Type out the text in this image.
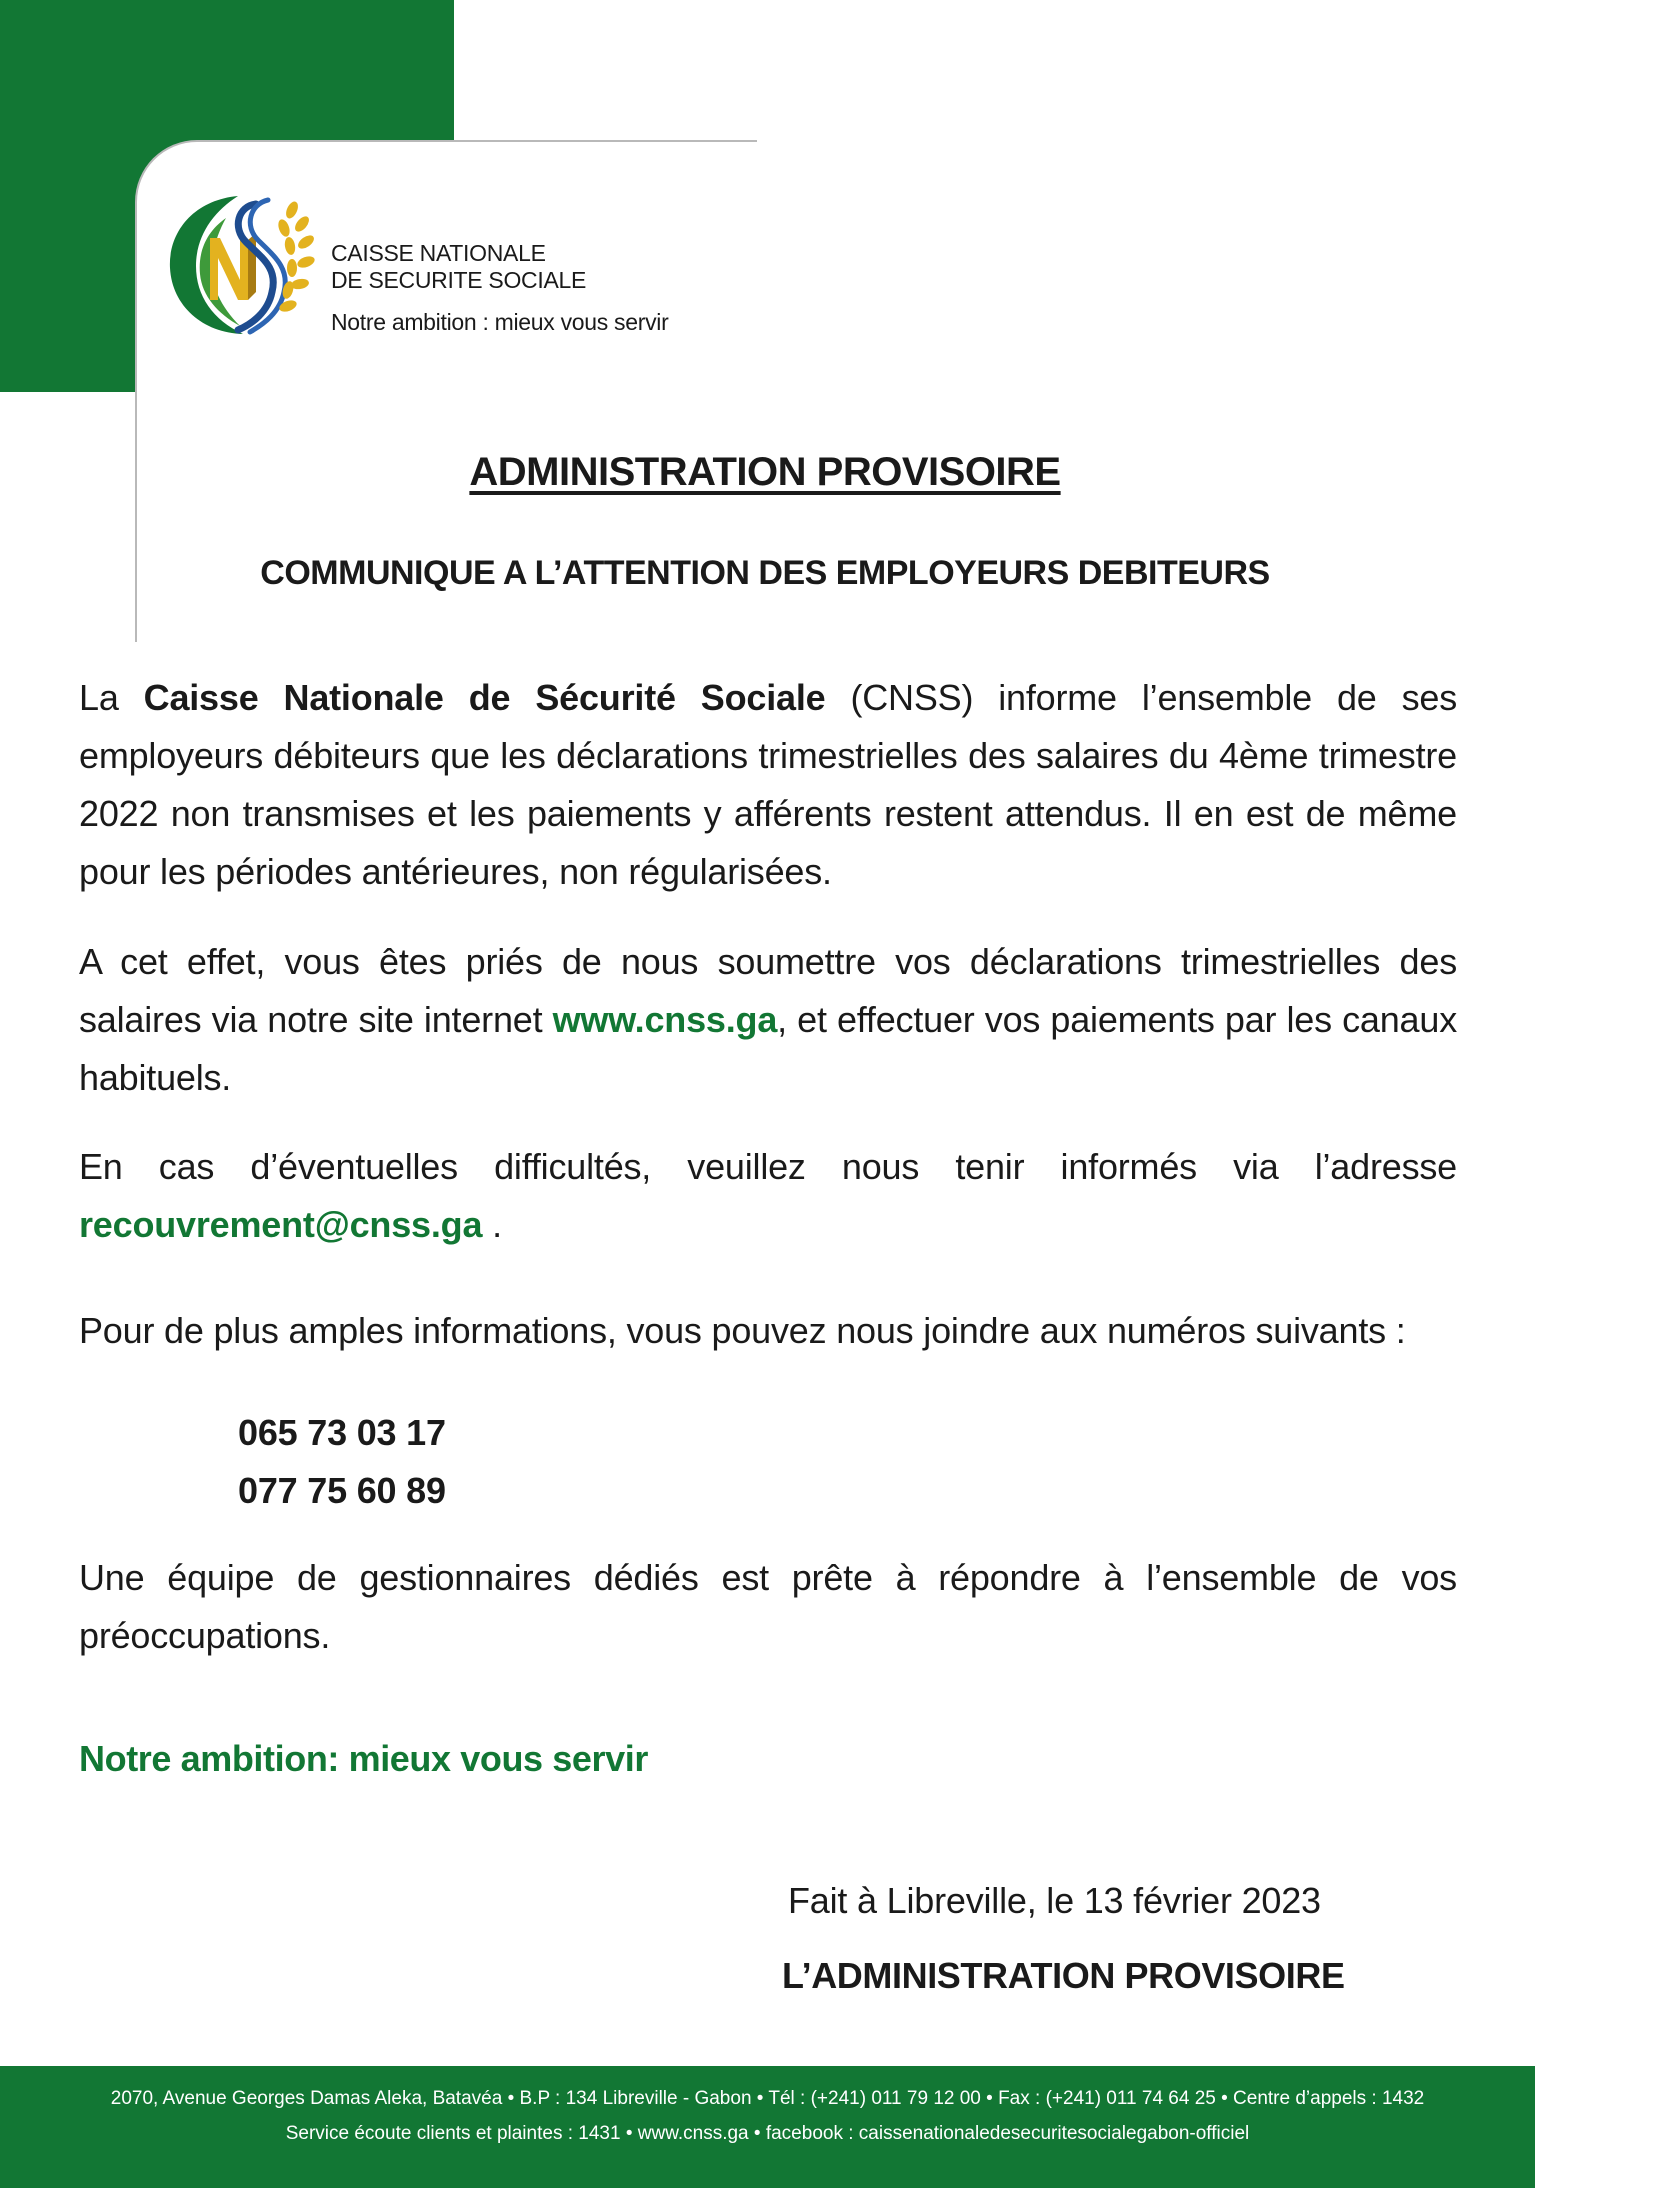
CAISSE NATIONALE
DE SECURITE SOCIALE
Notre ambition : mieux vous servir
ADMINISTRATION PROVISOIRE
COMMUNIQUE A L’ATTENTION DES EMPLOYEURS DEBITEURS
La Caisse Nationale de Sécurité Sociale (CNSS) informe l’ensemble de ses employeurs débiteurs que les déclarations trimestrielles des salaires du 4ème trimestre 2022 non transmises et les paiements y afférents restent attendus. Il en est de même pour les périodes antérieures, non régularisées.
A cet effet, vous êtes priés de nous soumettre vos déclarations trimestrielles des salaires via notre site internet www.cnss.ga, et effectuer vos paiements par les canaux habituels.
En cas d’éventuelles difficultés, veuillez nous tenir informés via l’adresse recouvrement@cnss.ga .
Pour de plus amples informations, vous pouvez nous joindre aux numéros suivants :
065 73 03 17
077 75 60 89
Une équipe de gestionnaires dédiés est prête à répondre à l’ensemble de vos préoccupations.
Notre ambition: mieux vous servir
Fait à Libreville, le 13 février 2023
L’ADMINISTRATION PROVISOIRE
2070, Avenue Georges Damas Aleka, Batavéa • B.P : 134 Libreville - Gabon • Tél : (+241) 011 79 12 00 • Fax : (+241) 011 74 64 25 • Centre d’appels : 1432
Service écoute clients et plaintes : 1431 • www.cnss.ga • facebook : caissenationaledesecuritesocialegabon-officiel
